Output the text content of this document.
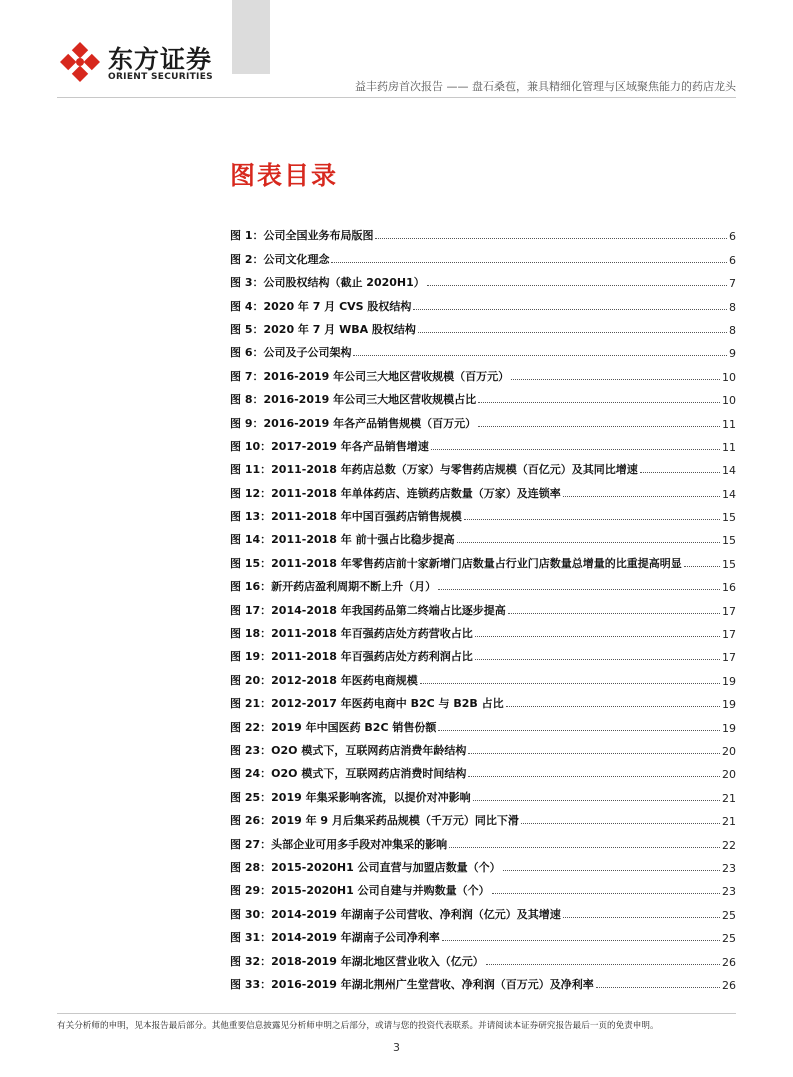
东方证券
ORIENT SECURITIES
益丰药房首次报告 —— 盘石桑苞，兼具精细化管理与区域聚焦能力的药店龙头
图表目录
图 1：公司全国业务布局版图	6
图 2：公司文化理念	6
图 3：公司股权结构（截止 2020H1）	7
图 4：2020 年 7 月 CVS 股权结构	8
图 5：2020 年 7 月 WBA 股权结构	8
图 6：公司及子公司架构	9
图 7：2016-2019 年公司三大地区营收规模（百万元）	10
图 8：2016-2019 年公司三大地区营收规模占比	10
图 9：2016-2019 年各产品销售规模（百万元）	11
图 10：2017-2019 年各产品销售增速	11
图 11：2011-2018 年药店总数（万家）与零售药店规模（百亿元）及其同比增速	14
图 12：2011-2018 年单体药店、连锁药店数量（万家）及连锁率	14
图 13：2011-2018 年中国百强药店销售规模	15
图 14：2011-2018 年 前十强占比稳步提高	15
图 15：2011-2018 年零售药店前十家新增门店数量占行业门店数量总增量的比重提高明显	15
图 16：新开药店盈利周期不断上升（月）	16
图 17：2014-2018 年我国药品第二终端占比逐步提高	17
图 18：2011-2018 年百强药店处方药营收占比	17
图 19：2011-2018 年百强药店处方药利润占比	17
图 20：2012-2018 年医药电商规模	19
图 21：2012-2017 年医药电商中 B2C 与 B2B 占比	19
图 22：2019 年中国医药 B2C 销售份额	19
图 23：O2O 模式下，互联网药店消费年龄结构	20
图 24：O2O 模式下，互联网药店消费时间结构	20
图 25：2019 年集采影响客流，以提价对冲影响	21
图 26：2019 年 9 月后集采药品规模（千万元）同比下滑	21
图 27：头部企业可用多手段对冲集采的影响	22
图 28：2015-2020H1 公司直营与加盟店数量（个）	23
图 29：2015-2020H1 公司自建与并购数量（个）	23
图 30：2014-2019 年湖南子公司营收、净利润（亿元）及其增速	25
图 31：2014-2019 年湖南子公司净利率	25
图 32：2018-2019 年湖北地区营业收入（亿元）	26
图 33：2016-2019 年湖北荆州广生堂营收、净利润（百万元）及净利率	26
有关分析师的申明，见本报告最后部分。其他重要信息披露见分析师申明之后部分，或请与您的投资代表联系。并请阅读本证券研究报告最后一页的免责申明。
3
